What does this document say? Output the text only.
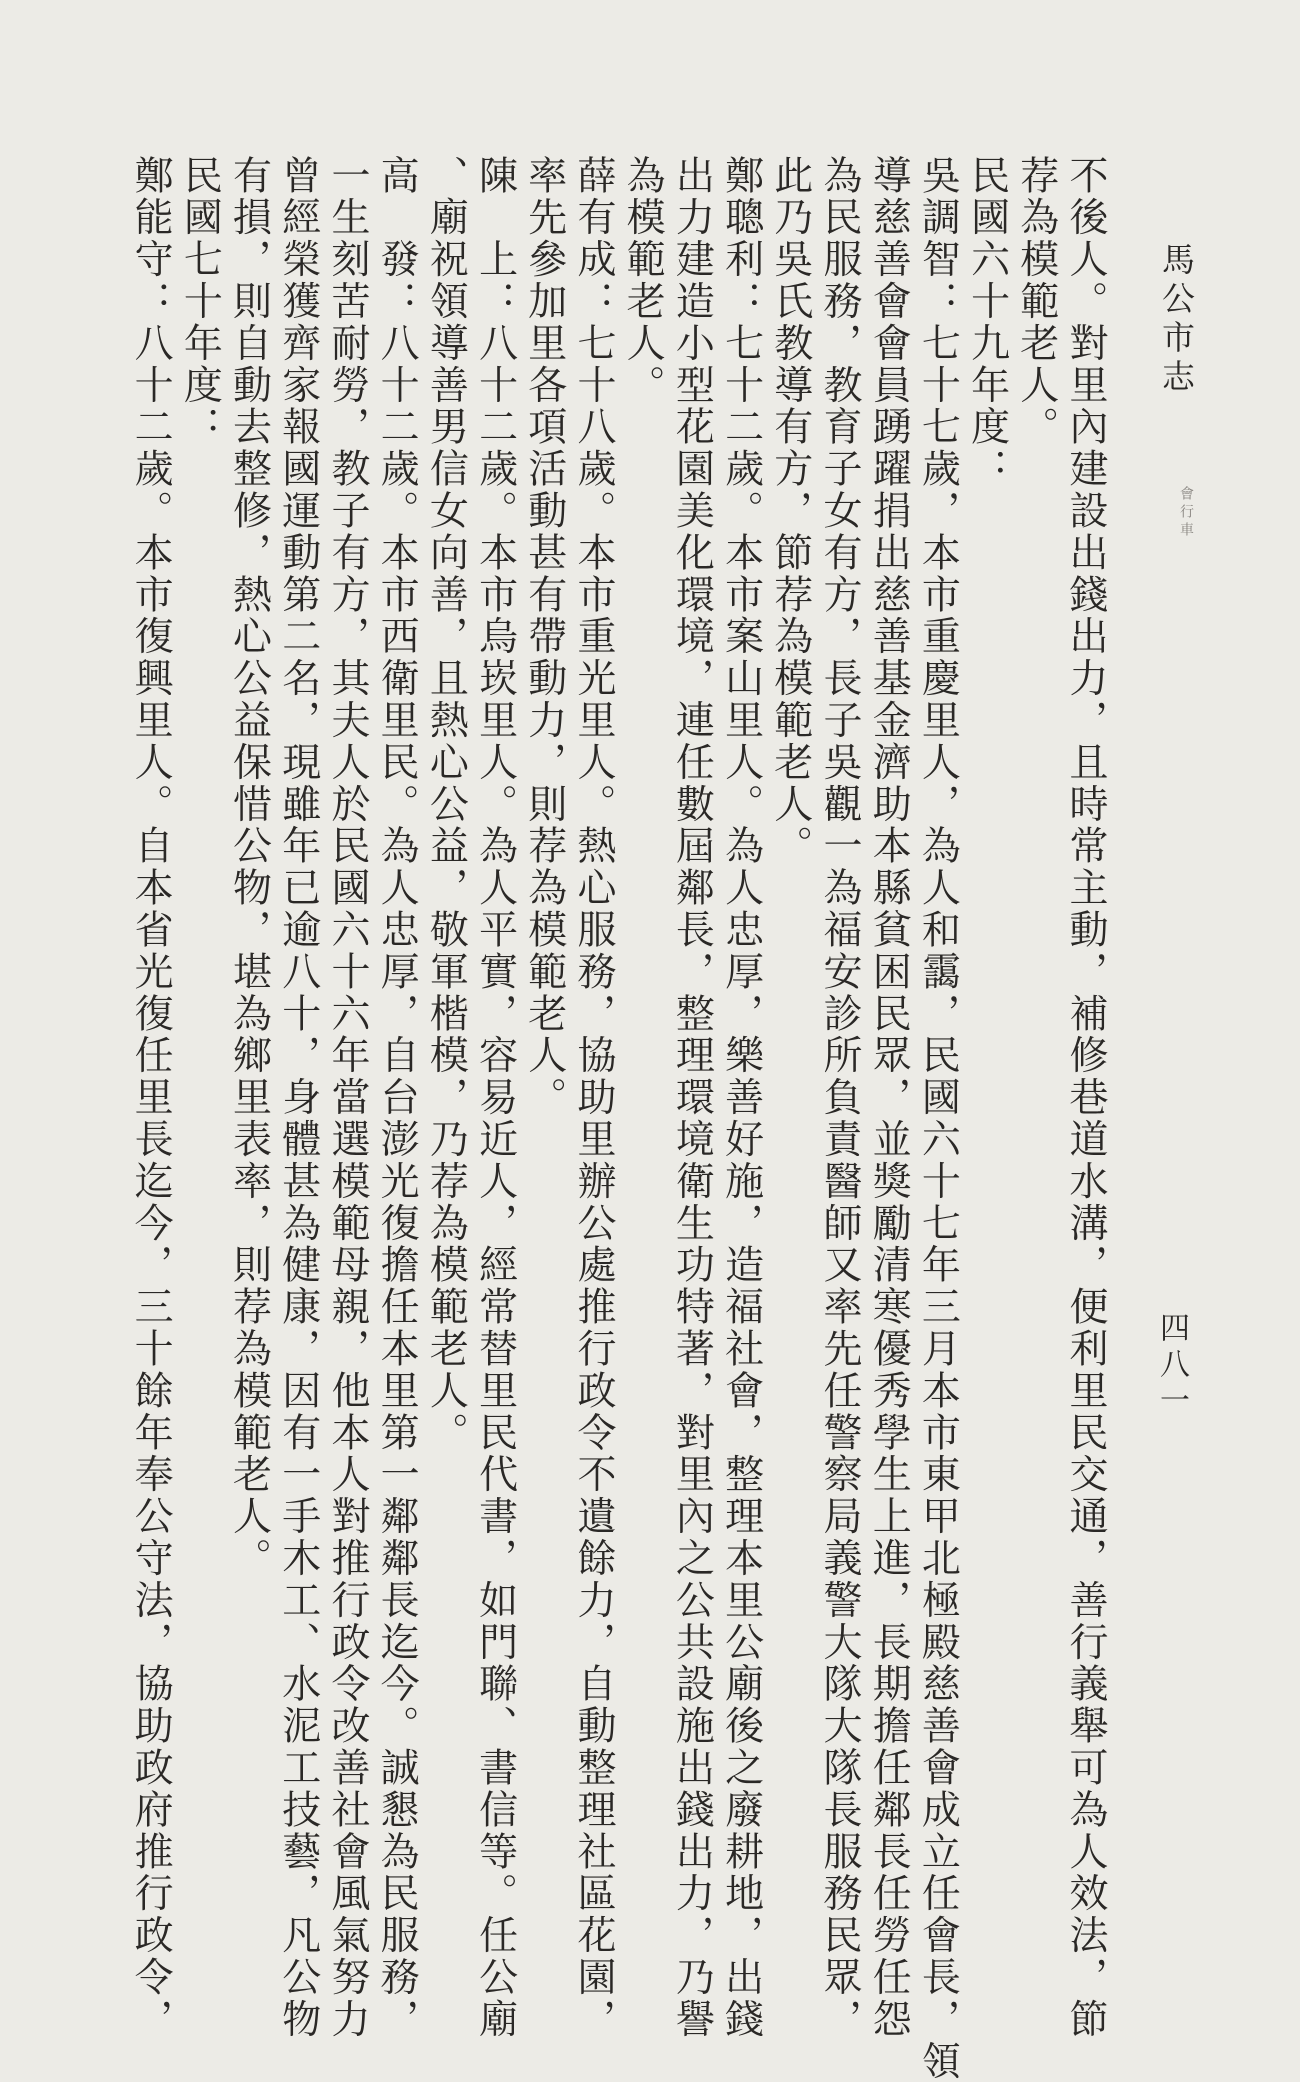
馬公市志
會行車
四八一
不後人。對里內建設出錢出力，且時常主動，補修巷道水溝，便利里民交通，善行義舉可為人效法，節
荐為模範老人。
民國六十九年度：
吳調智：七十七歲，本市重慶里人，為人和靄，民國六十七年三月本市東甲北極殿慈善會成立任會長，領
導慈善會會員踴躍捐出慈善基金濟助本縣貧困民眾，並獎勵清寒優秀學生上進，長期擔任鄰長任勞任怨
為民服務，教育子女有方，長子吳觀一為福安診所負責醫師又率先任警察局義警大隊大隊長服務民眾，
此乃吳氏教導有方，節荐為模範老人。
鄭聰利：七十二歲。本市案山里人。為人忠厚，樂善好施，造福社會，整理本里公廟後之廢耕地，出錢
出力建造小型花園美化環境，連任數屆鄰長，整理環境衛生功特著，對里內之公共設施出錢出力，乃譽
為模範老人。
薛有成：七十八歲。本市重光里人。熱心服務，協助里辦公處推行政令不遺餘力，自動整理社區花園，
率先參加里各項活動甚有帶動力，則荐為模範老人。
陳　上：八十二歲。本市烏崁里人。為人平實，容易近人，經常替里民代書，如門聯、書信等。任公廟
、廟祝領導善男信女向善，且熱心公益，敬軍楷模，乃荐為模範老人。
高　發：八十二歲。本市西衛里民。為人忠厚，自台澎光復擔任本里第一鄰鄰長迄今。誠懇為民服務，
一生刻苦耐勞，教子有方，其夫人於民國六十六年當選模範母親，他本人對推行政令改善社會風氣努力
曾經榮獲齊家報國運動第二名，現雖年已逾八十，身體甚為健康，因有一手木工、水泥工技藝，凡公物
有損，則自動去整修，熱心公益保惜公物，堪為鄉里表率，則荐為模範老人。
民國七十年度：
鄭能守：八十二歲。本市復興里人。自本省光復任里長迄今，三十餘年奉公守法，協助政府推行政令，
